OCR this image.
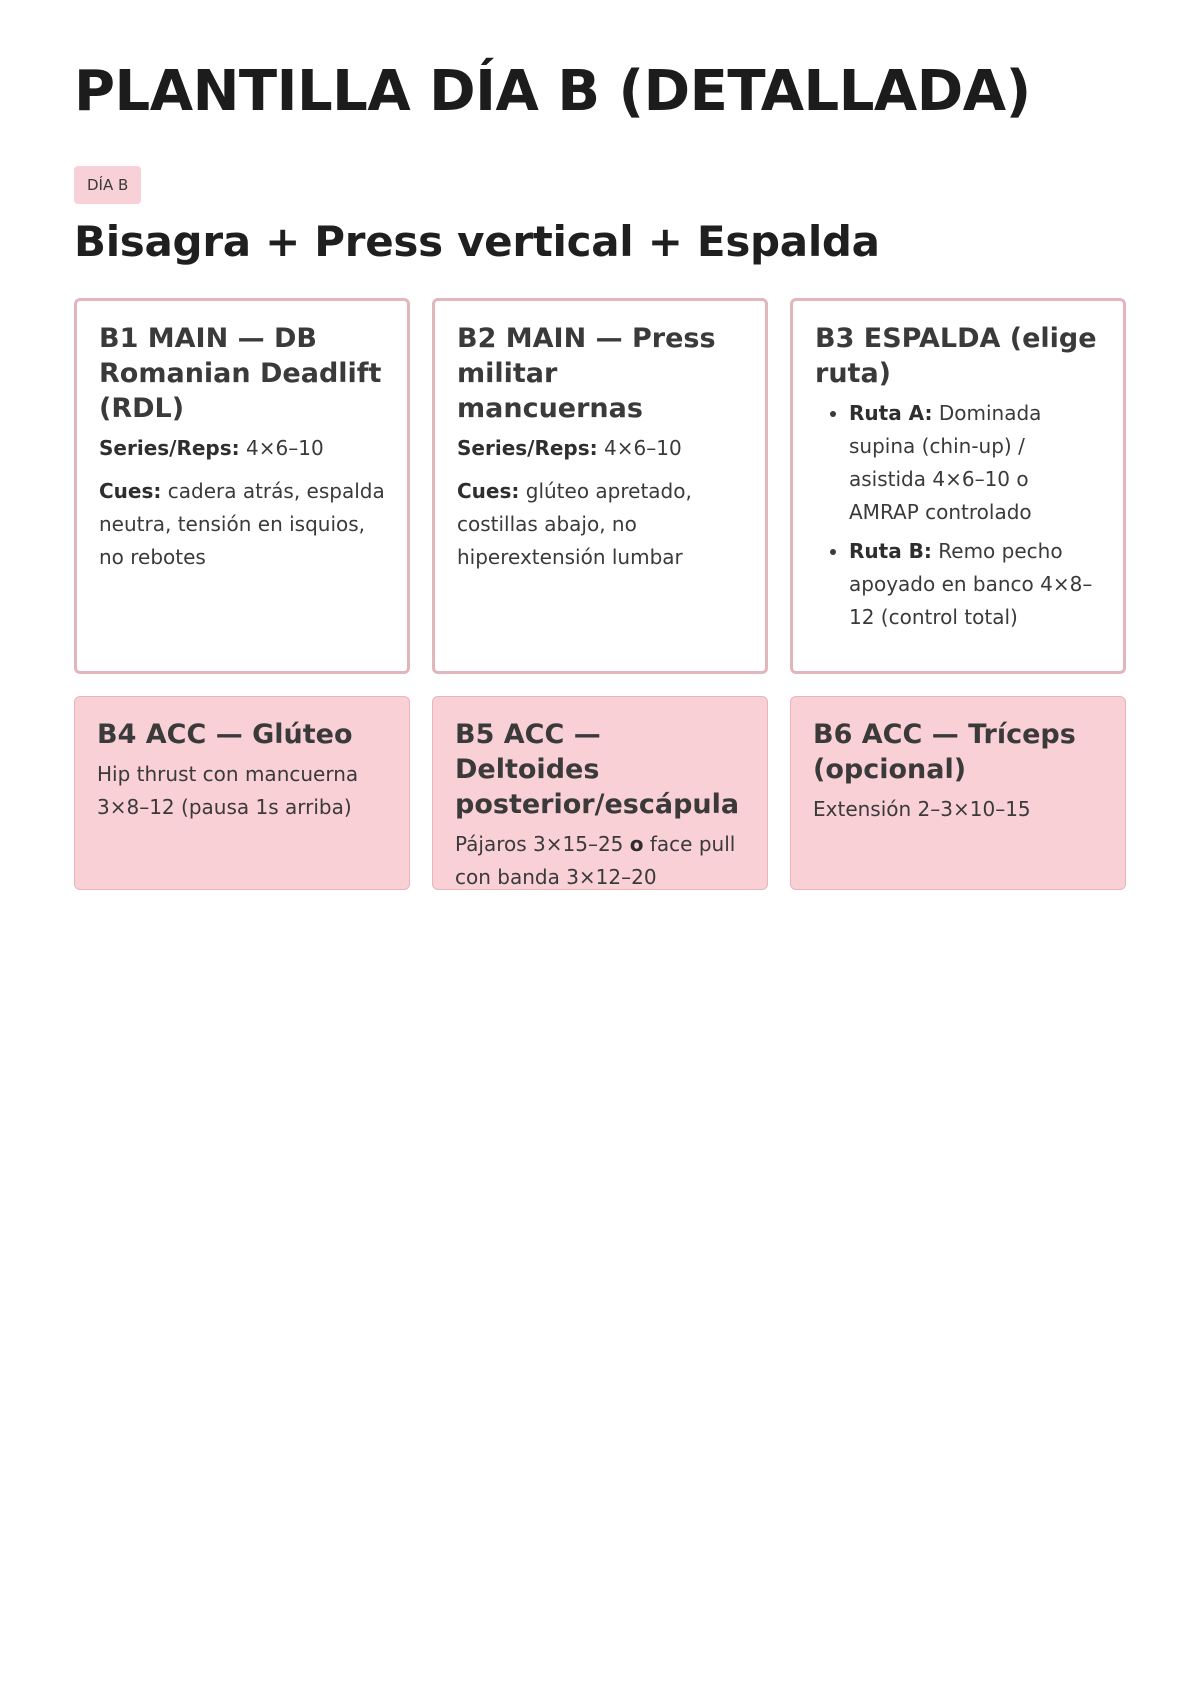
PLANTILLA DÍA B (DETALLADA)
DÍA B
Bisagra + Press vertical + Espalda
B1 MAIN — DB Romanian Deadlift (RDL)

Series/Reps: 4×6–10

Cues: cadera atrás, espalda neutra, tensión en isquios, no rebotes

B2 MAIN — Press militar mancuernas

Series/Reps: 4×6–10

Cues: glúteo apretado, costillas abajo, no hiperextensión lumbar

B3 ESPALDA (elige ruta)
• Ruta A: Dominada supina (chin-up) / asistida 4×6–10 o AMRAP controlado
• Ruta B: Remo pecho apoyado en banco 4×8–12 (control total)
B4 ACC — Glúteo

Hip thrust con mancuerna 3×8–12 (pausa 1s arriba)

B5 ACC — Deltoides posterior/escápula

Pájaros 3×15–25 o face pull con banda 3×12–20

B6 ACC — Tríceps (opcional)

Extensión 2–3×10–15
